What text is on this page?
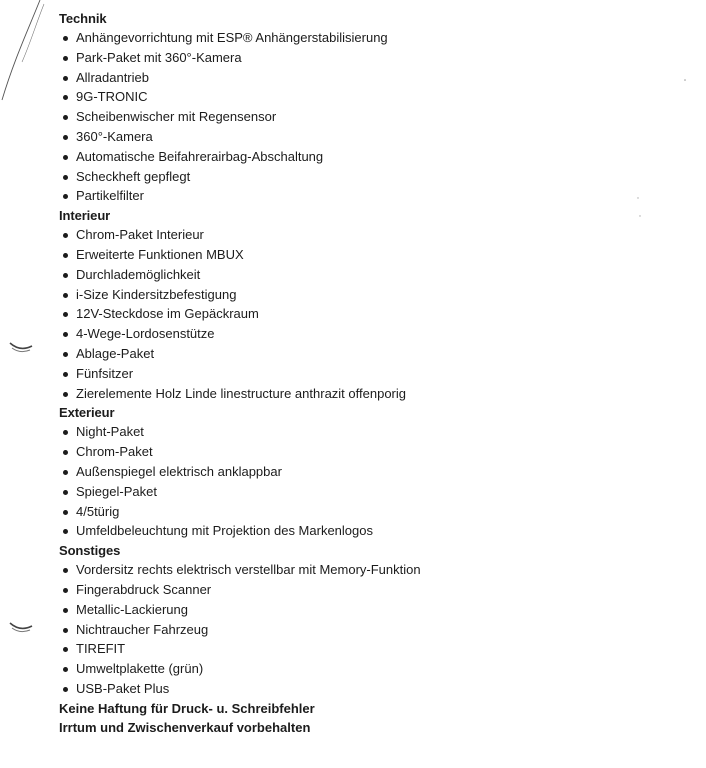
Technik
Anhängevorrichtung mit ESP® Anhängerstabilisierung
Park-Paket mit 360°-Kamera
Allradantrieb
9G-TRONIC
Scheibenwischer mit Regensensor
360°-Kamera
Automatische Beifahrerairbag-Abschaltung
Scheckheft gepflegt
Partikelfilter
Interieur
Chrom-Paket Interieur
Erweiterte Funktionen MBUX
Durchlademöglichkeit
i-Size Kindersitzbefestigung
12V-Steckdose im Gepäckraum
4-Wege-Lordosenstütze
Ablage-Paket
Fünfsitzer
Zierelemente Holz Linde linestructure anthrazit offenporig
Exterieur
Night-Paket
Chrom-Paket
Außenspiegel elektrisch anklappbar
Spiegel-Paket
4/5türig
Umfeldbeleuchtung mit Projektion des Markenlogos
Sonstiges
Vordersitz rechts elektrisch verstellbar mit Memory-Funktion
Fingerabdruck Scanner
Metallic-Lackierung
Nichtraucher Fahrzeug
TIREFIT
Umweltplakette (grün)
USB-Paket Plus
Keine Haftung für Druck- u. Schreibfehler
Irrtum und Zwischenverkauf vorbehalten
